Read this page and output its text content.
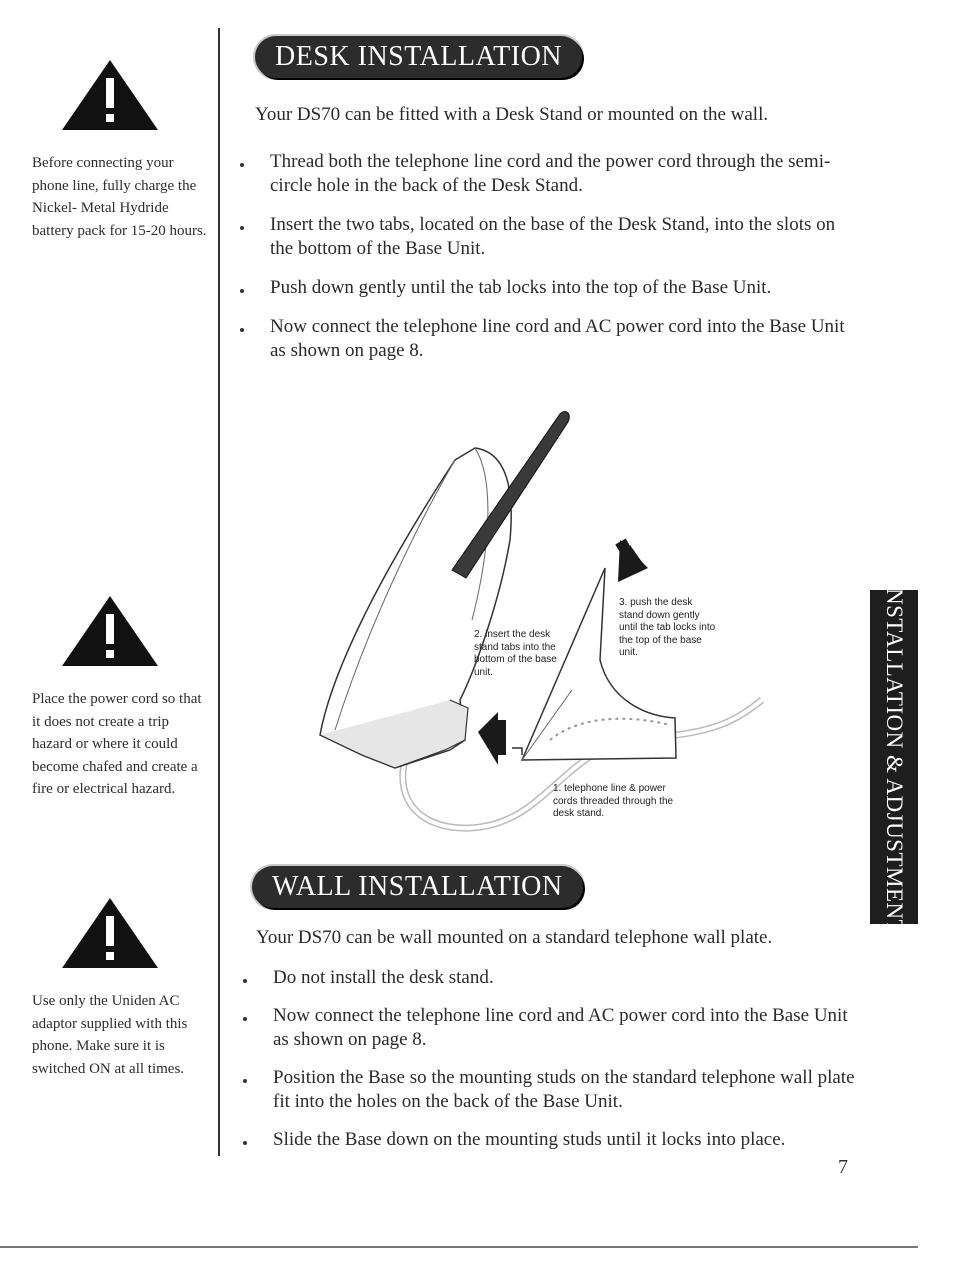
Before connecting your phone line, fully charge the Nickel- Metal Hydride battery pack for 15-20 hours.
Place the power cord so that it does not create a trip hazard or where it could become chafed and create a fire or electrical hazard.
Use only the Uniden AC adaptor supplied with this phone. Make sure it is switched ON at all times.
DESK INSTALLATION
Your DS70 can be fitted with a Desk Stand or mounted on the wall.
Thread both the telephone line cord and the power cord through the semi-circle hole in the back of the Desk Stand.
Insert the two tabs, located on the base of the Desk Stand, into the slots on the bottom of the Base Unit.
Push down gently until the tab locks into the top of the Base Unit.
Now connect the telephone line cord and AC power cord into the Base Unit as shown on page 8.
2. insert the desk stand tabs into the bottom of the base unit.
3. push the desk stand down gently until the tab locks into the top of the base unit.
1. telephone line & power cords threaded through the desk stand.
WALL INSTALLATION
Your DS70 can be wall mounted on a standard telephone wall plate.
Do not install the desk stand.
Now connect the telephone line cord and AC power cord into the Base Unit as shown on page 8.
Position the Base so the mounting studs on the standard telephone wall plate fit into the holes on the back of the Base Unit.
Slide the Base down on the mounting studs until it locks into place.
INSTALLATION & ADJUSTMENT
7
